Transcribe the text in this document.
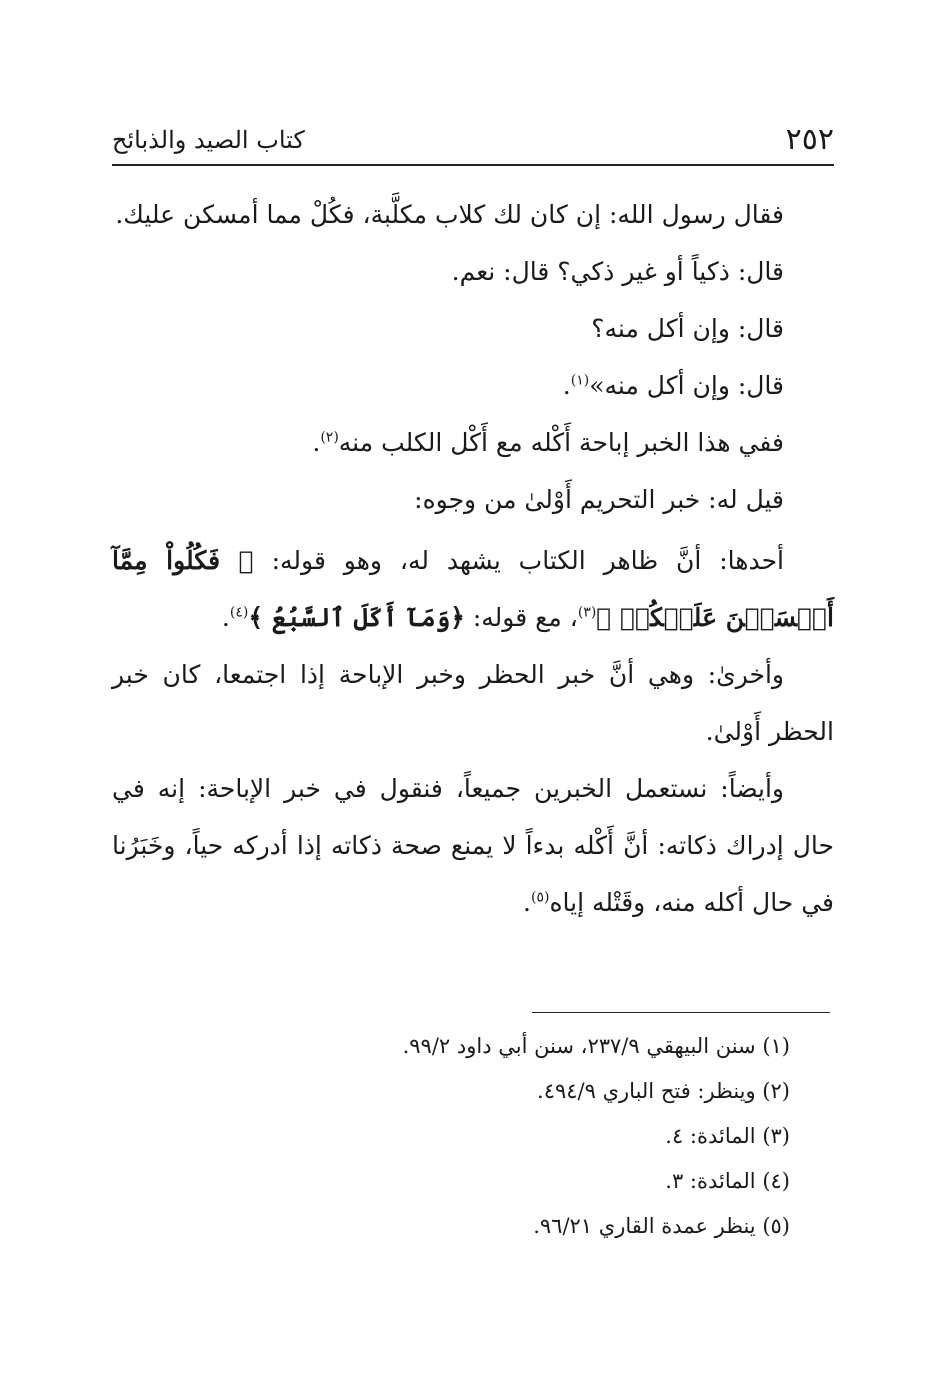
٢٥٢
كتاب الصيد والذبائح

فقال رسول الله: إن كان لك كلاب مكلَّبة، فكُلْ مما أمسكن عليك.

قال: ذكياً أو غير ذكي؟ قال: نعم.

قال: وإن أكل منه؟

قال: وإن أكل منه»$^{(١)}$.

ففي هذا الخبر إباحة أَكْله مع أَكْل الكلب منه$^{(٢)}$.

قيل له: خبر التحريم أَوْلىٰ من وجوه:

أحدها: أنَّ ظاهر الكتاب يشهد له، وهو قوله: ﴿ فَكُلُواْ مِمَّآ أَمۡسَكۡنَ عَلَيۡكُمۡ ﴾$^{(٣)}$، مع قوله: ﴿وَمَآ أَكَلَ ٱلسَّبُعُ ﴾$^{(٤)}$.

وأخرىٰ: وهي أنَّ خبر الحظر وخبر الإباحة إذا اجتمعا، كان خبر الحظر أَوْلىٰ.

وأيضاً: نستعمل الخبرين جميعاً، فنقول في خبر الإباحة: إنه في حال إدراك ذكاته: أنَّ أَكْله بدءاً لا يمنع صحة ذكاته إذا أدركه حياً، وخَبَرُنا في حال أكله منه، وقَتْله إياه$^{(٥)}$.

(١) سنن البيهقي ٢٣٧/٩، سنن أبي داود ٩٩/٢.

(٢) وينظر: فتح الباري ٤٩٤/٩.

(٣) المائدة: ٤.

(٤) المائدة: ٣.

(٥) ينظر عمدة القاري ٩٦/٢١.
